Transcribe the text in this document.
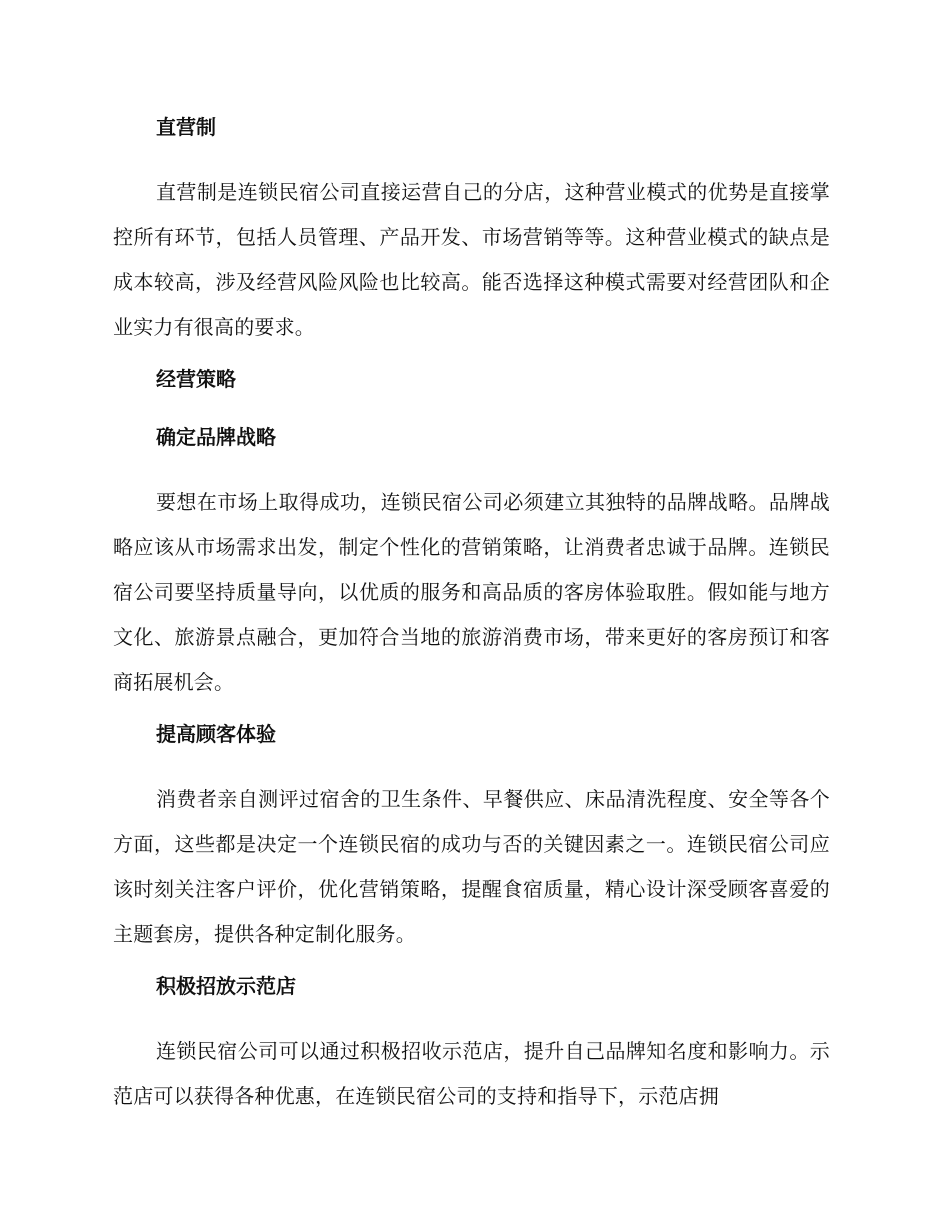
直营制

直营制是连锁民宿公司直接运营自己的分店，这种营业模式的优势是直接掌控所有环节，包括人员管理、产品开发、市场营销等等。这种营业模式的缺点是成本较高，涉及经营风险风险也比较高。能否选择这种模式需要对经营团队和企业实力有很高的要求。

经营策略
确定品牌战略

要想在市场上取得成功，连锁民宿公司必须建立其独特的品牌战略。品牌战略应该从市场需求出发，制定个性化的营销策略，让消费者忠诚于品牌。连锁民宿公司要坚持质量导向，以优质的服务和高品质的客房体验取胜。假如能与地方文化、旅游景点融合，更加符合当地的旅游消费市场，带来更好的客房预订和客商拓展机会。

提高顾客体验

消费者亲自测评过宿舍的卫生条件、早餐供应、床品清洗程度、安全等各个方面，这些都是决定一个连锁民宿的成功与否的关键因素之一。连锁民宿公司应该时刻关注客户评价，优化营销策略，提醒食宿质量，精心设计深受顾客喜爱的主题套房，提供各种定制化服务。

积极招放示范店

连锁民宿公司可以通过积极招收示范店，提升自己品牌知名度和影响力。示范店可以获得各种优惠，在连锁民宿公司的支持和指导下，示范店拥
